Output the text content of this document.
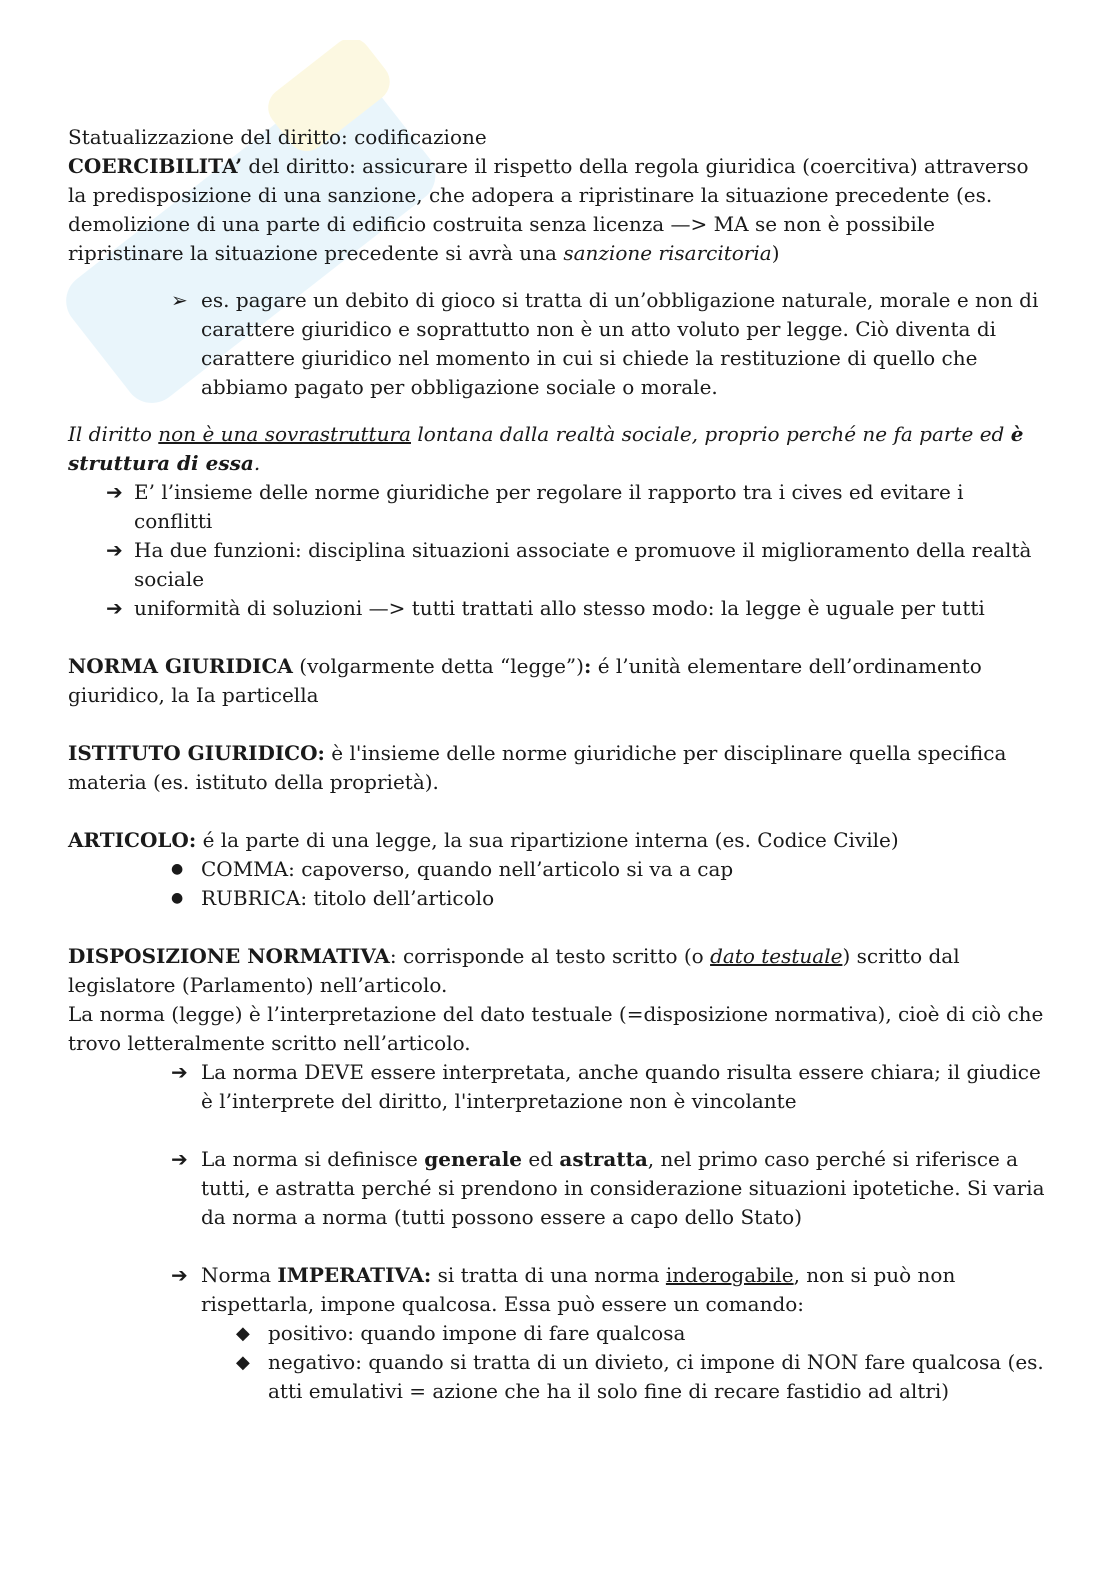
Statualizzazione del diritto: codificazione

COERCIBILITA’ del diritto: assicurare il rispetto della regola giuridica (coercitiva) attraverso la predisposizione di una sanzione, che adopera a ripristinare la situazione precedente (es. demolizione di una parte di edificio costruita senza licenza —> MA se non è possibile ripristinare la situazione precedente si avrà una sanzione risarcitoria)

➢ es. pagare un debito di gioco si tratta di un’obbligazione naturale, morale e non di carattere giuridico e soprattutto non è un atto voluto per legge. Ciò diventa di carattere giuridico nel momento in cui si chiede la restituzione di quello che abbiamo pagato per obbligazione sociale o morale.

Il diritto non è una sovrastruttura lontana dalla realtà sociale, proprio perché ne fa parte ed è struttura di essa.

➔ E’ l’insieme delle norme giuridiche per regolare il rapporto tra i cives ed evitare i conflitti
➔ Ha due funzioni: disciplina situazioni associate e promuove il miglioramento della realtà sociale
➔ uniformità di soluzioni —> tutti trattati allo stesso modo: la legge è uguale per tutti

NORMA GIURIDICA (volgarmente detta “legge”): é l’unità elementare dell’ordinamento giuridico, la Ia particella

ISTITUTO GIURIDICO: è l'insieme delle norme giuridiche per disciplinare quella specifica materia (es. istituto della proprietà).

ARTICOLO: é la parte di una legge, la sua ripartizione interna (es. Codice Civile)

● COMMA: capoverso, quando nell’articolo si va a cap
● RUBRICA: titolo dell’articolo

DISPOSIZIONE NORMATIVA: corrisponde al testo scritto (o dato testuale) scritto dal legislatore (Parlamento) nell’articolo.

La norma (legge) è l’interpretazione del dato testuale (=disposizione normativa), cioè di ciò che trovo letteralmente scritto nell’articolo.

➔ La norma DEVE essere interpretata, anche quando risulta essere chiara; il giudice è l’interprete del diritto, l'interpretazione non è vincolante
➔ La norma si definisce generale ed astratta, nel primo caso perché si riferisce a tutti, e astratta perché si prendono in considerazione situazioni ipotetiche. Si varia da norma a norma (tutti possono essere a capo dello Stato)
➔ Norma IMPERATIVA: si tratta di una norma inderogabile, non si può non rispettarla, impone qualcosa. Essa può essere un comando:
◆ positivo: quando impone di fare qualcosa
◆ negativo: quando si tratta di un divieto, ci impone di NON fare qualcosa (es. atti emulativi = azione che ha il solo fine di recare fastidio ad altri)
